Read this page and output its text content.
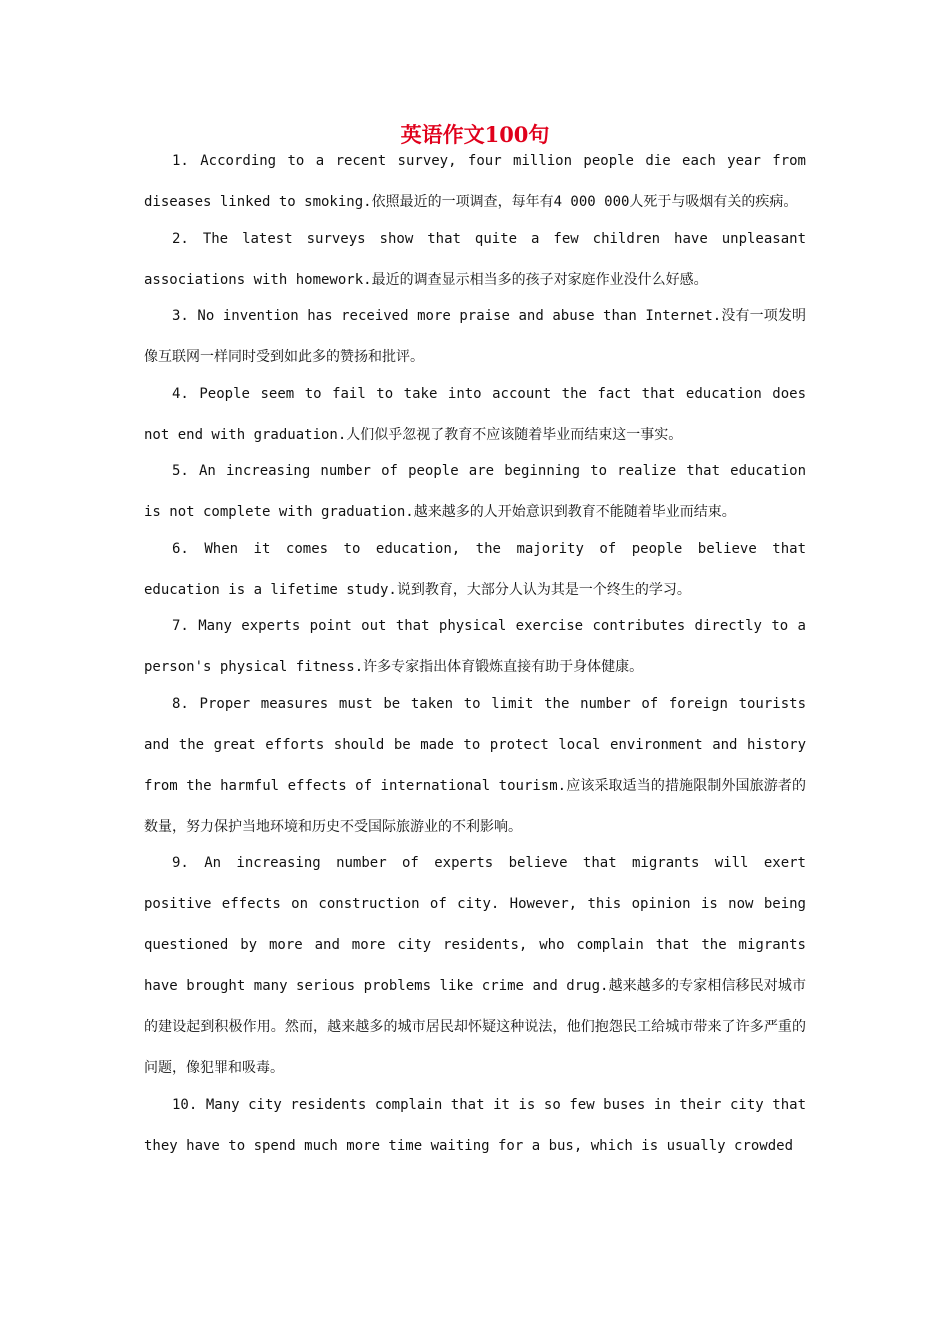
英语作文100句

1. According to a recent survey, four million people die each year from diseases linked to smoking.依照最近的一项调查，每年有4 000 000人死于与吸烟有关的疾病。

2. The latest surveys show that quite a few children have unpleasant associations with homework.最近的调查显示相当多的孩子对家庭作业没什么好感。

3. No invention has received more praise and abuse than Internet.没有一项发明像互联网一样同时受到如此多的赞扬和批评。

4. People seem to fail to take into account the fact that education does not end with graduation.人们似乎忽视了教育不应该随着毕业而结束这一事实。

5. An increasing number of people are beginning to realize that education is not complete with graduation.越来越多的人开始意识到教育不能随着毕业而结束。

6. When it comes to education, the majority of people believe that education is a lifetime study.说到教育，大部分人认为其是一个终生的学习。

7. Many experts point out that physical exercise contributes directly to a person's physical fitness.许多专家指出体育锻炼直接有助于身体健康。

8. Proper measures must be taken to limit the number of foreign tourists and the great efforts should be made to protect local environment and history from the harmful effects of international tourism.应该采取适当的措施限制外国旅游者的数量，努力保护当地环境和历史不受国际旅游业的不利影响。

9. An increasing number of experts believe that migrants will exert positive effects on construction of city. However, this opinion is now being questioned by more and more city residents, who complain that the migrants have brought many serious problems like crime and drug.越来越多的专家相信移民对城市的建设起到积极作用。然而，越来越多的城市居民却怀疑这种说法，他们抱怨民工给城市带来了许多严重的问题，像犯罪和吸毒。

10. Many city residents complain that it is so few buses in their city that they have to spend much more time waiting for a bus, which is usually crowded
